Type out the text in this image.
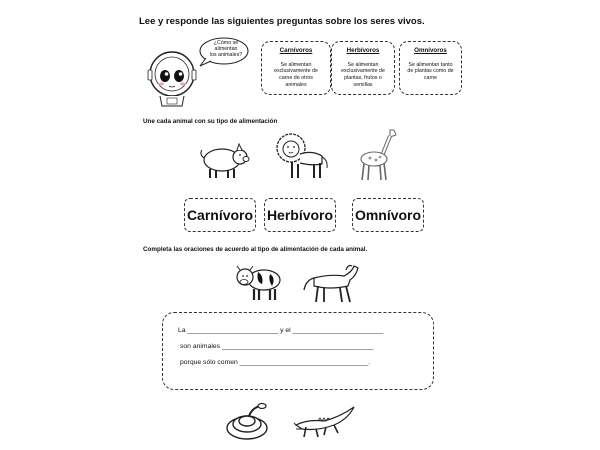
Lee y responde las siguientes preguntas sobre los seres vivos.
¿Cómo se
alimentan
los animales?
Carnívoros
Se alimentan
exclusivamente de
carne de otros
animales
Herbívoros
Se alimentan
exclusivamente de
plantas, frutos o
semillas
Omnívoros
Se alimentan tanto
de plantas como de
carne
Une cada animal con su tipo de alimentación
Carnívoro Herbívoro Omnívoro
Completa las oraciones de acuerdo al tipo de alimentación de cada animal.
La ________________________ y el ________________________
son animales ________________________________________
porque sólo comen __________________________________.
